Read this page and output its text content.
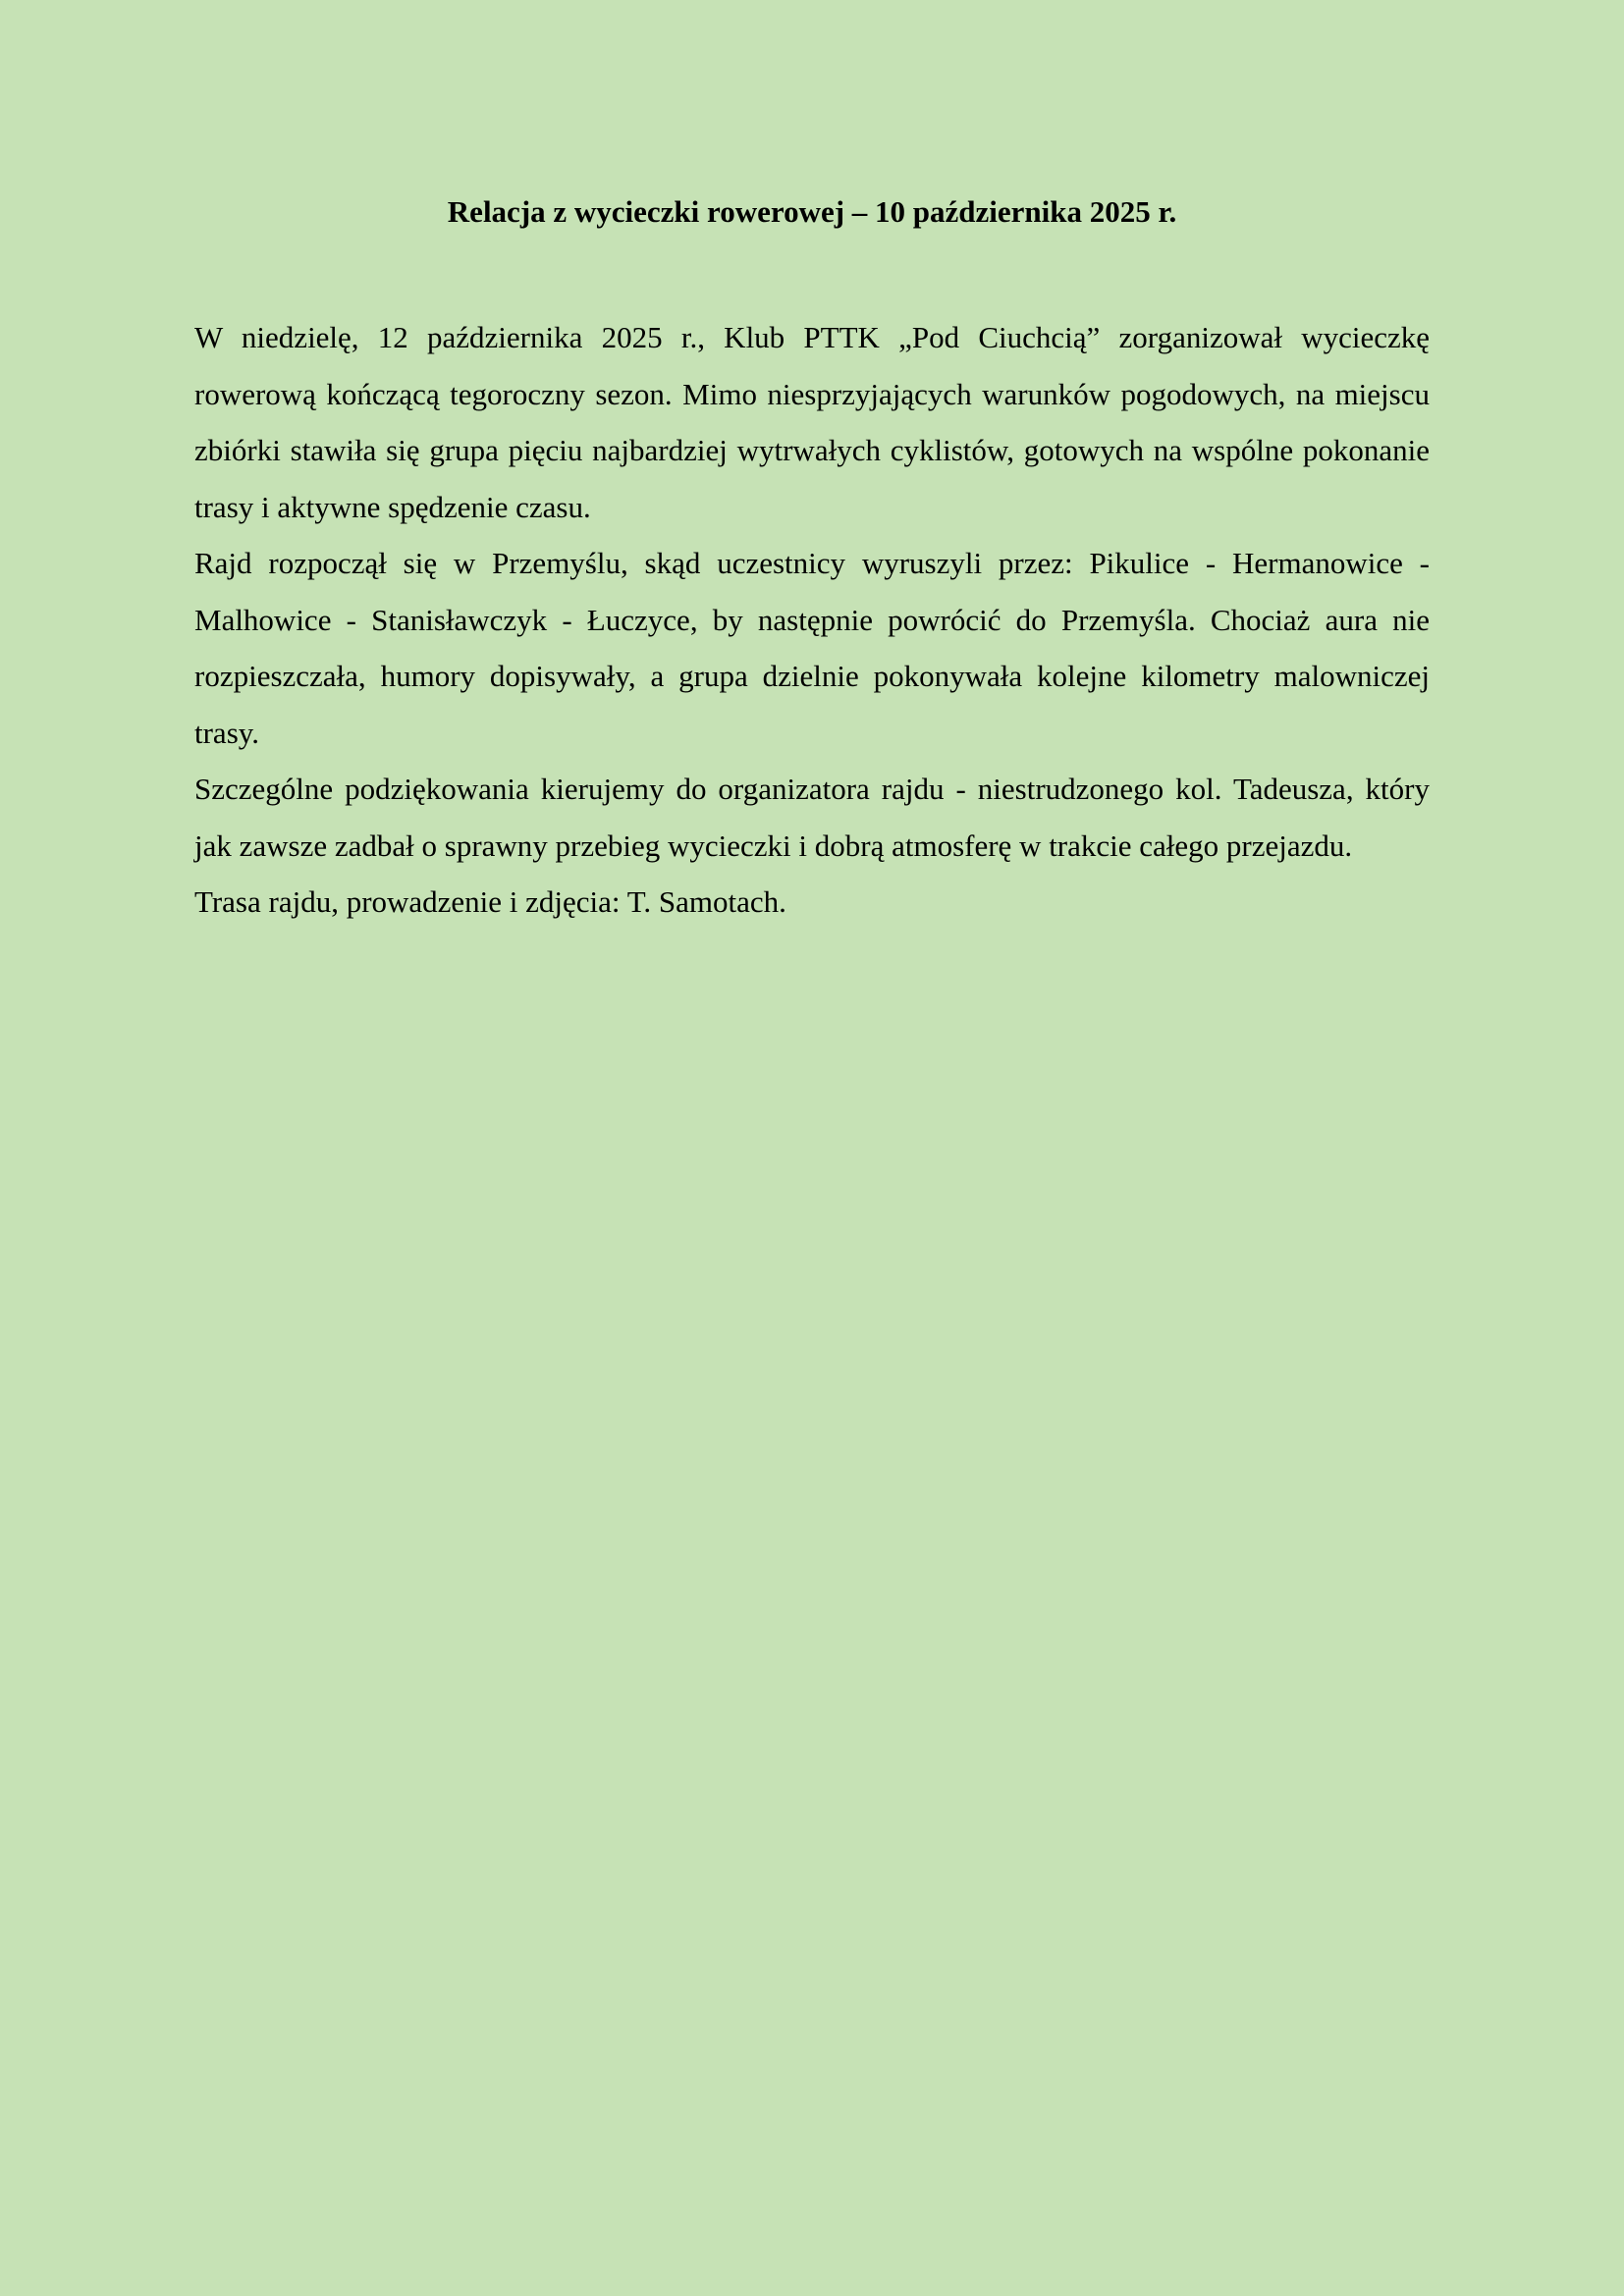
Relacja z wycieczki rowerowej – 10 października 2025 r.

W niedzielę, 12 października 2025 r., Klub PTTK „Pod Ciuchcią” zorganizował wycieczkę rowerową kończącą tegoroczny sezon. Mimo niesprzyjających warunków pogodowych, na miejscu zbiórki stawiła się grupa pięciu najbardziej wytrwałych cyklistów, gotowych na wspólne pokonanie trasy i aktywne spędzenie czasu.

Rajd rozpoczął się w Przemyślu, skąd uczestnicy wyruszyli przez: Pikulice - Hermanowice - Malhowice - Stanisławczyk - Łuczyce, by następnie powrócić do Przemyśla. Chociaż aura nie rozpieszczała, humory dopisywały, a grupa dzielnie pokonywała kolejne kilometry malowniczej trasy.

Szczególne podziękowania kierujemy do organizatora rajdu - niestrudzonego kol. Tadeusza, który jak zawsze zadbał o sprawny przebieg wycieczki i dobrą atmosferę w trakcie całego przejazdu.

Trasa rajdu, prowadzenie i zdjęcia: T. Samotach.
